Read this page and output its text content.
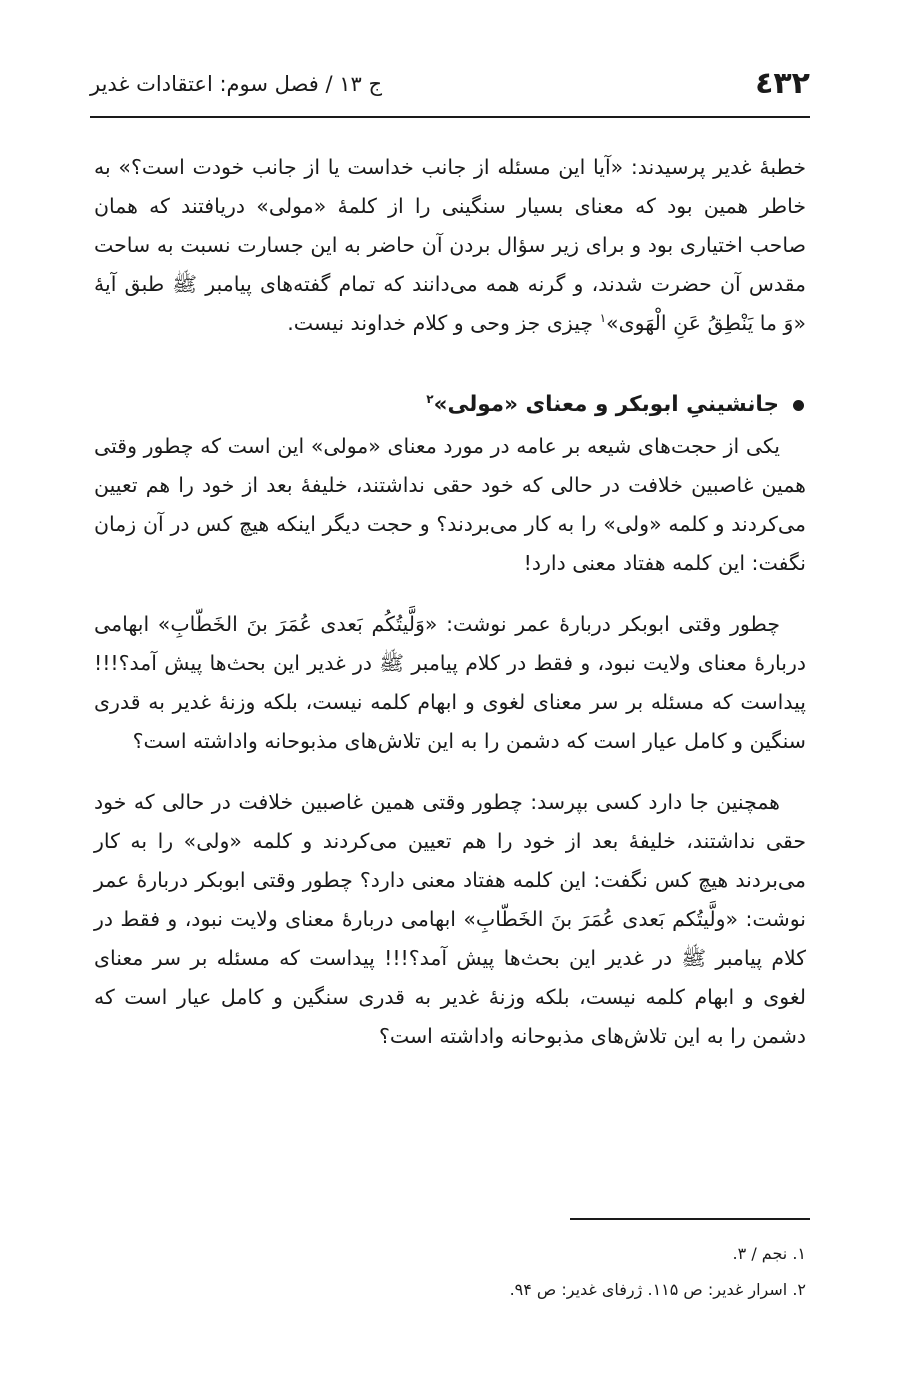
٤٣٢
ج ۱۳ / فصل سوم: اعتقادات غدیر

خطبۀ غدیر پرسیدند: «آیا این مسئله از جانب خداست یا از جانب خودت است؟» به خاطر همین بود که معنای بسیار سنگینی را از کلمۀ «مولی» دریافتند که همان صاحب اختیاری بود و برای زیر سؤال بردن آن حاضر به این جسارت نسبت به ساحت مقدس آن حضرت شدند، و گرنه همه می‌دانند که تمام گفته‌های پیامبر ﷺ طبق آیۀ «وَ ما یَنْطِقُ عَنِ الْهَوی»$^۱$ چیزی جز وحی و کلام خداوند نیست.

جانشینیِ ابوبکر و معنای «مولی»$^۲$

یکی از حجت‌های شیعه بر عامه در مورد معنای «مولی» این است که چطور وقتی همین غاصبین خلافت در حالی که خود حقی نداشتند، خلیفۀ بعد از خود را هم تعیین می‌کردند و کلمه «ولی» را به کار می‌بردند؟ و حجت دیگر اینکه هیچ کس در آن زمان نگفت: این کلمه هفتاد معنی دارد!

چطور وقتی ابوبکر دربارۀ عمر نوشت: «وَلَّیتُکُم بَعدی عُمَرَ بنَ الخَطّابِ» ابهامی دربارۀ معنای ولایت نبود، و فقط در کلام پیامبر ﷺ در غدیر این بحث‌ها پیش آمد؟!!! پیداست که مسئله بر سر معنای لغوی و ابهام کلمه نیست، بلکه وزنۀ غدیر به قدری سنگین و کامل عیار است که دشمن را به این تلاش‌های مذبوحانه واداشته است؟

همچنین جا دارد کسی بپرسد: چطور وقتی همین غاصبین خلافت در حالی که خود حقی نداشتند، خلیفۀ بعد از خود را هم تعیین می‌کردند و کلمه «ولی» را به کار می‌بردند هیچ کس نگفت: این کلمه هفتاد معنی دارد؟ چطور وقتی ابوبکر دربارۀ عمر نوشت: «ولَّیتُکم بَعدی عُمَرَ بنَ الخَطّابِ» ابهامی دربارۀ معنای ولایت نبود، و فقط در کلام پیامبر ﷺ در غدیر این بحث‌ها پیش آمد؟!!! پیداست که مسئله بر سر معنای لغوی و ابهام کلمه نیست، بلکه وزنۀ غدیر به قدری سنگین و کامل عیار است که دشمن را به این تلاش‌های مذبوحانه واداشته است؟

۱. نجم / ۳.

۲. اسرار غدیر: ص ۱۱۵. ژرفای غدیر: ص ۹۴.
